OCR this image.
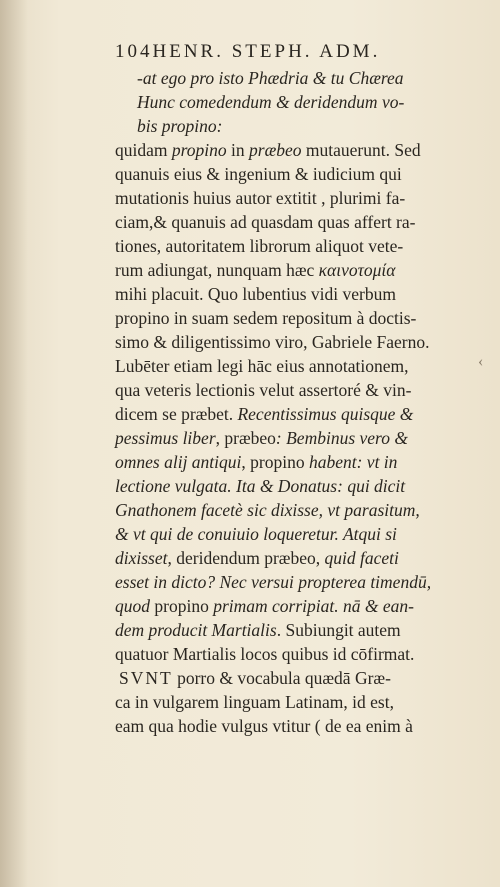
104HENR. STEPH. ADM.
-at ego pro isto Phædria & tu Chærea
Hunc comedendum & deridendum vo-
bis propino:
quidam propino in præbeo mutauerunt. Sed
quanuis eius & ingenium & iudicium qui
mutationis huius autor extitit , plurimi fa-
ciam,& quanuis ad quasdam quas affert ra-
tiones, autoritatem librorum aliquot vete-
rum adiungat, nunquam hæc καινοτομία
mihi placuit. Quo lubentius vidi verbum
propino in suam sedem repositum à doctis-
simo & diligentissimo viro, Gabriele Faerno.
Lubēter etiam legi hāc eius annotationem,
qua veteris lectionis velut assertoré & vin-
dicem se præbet. Recentissimus quisque &
pessimus liber, præbeo: Bembinus vero &
omnes alij antiqui, propino habent: vt in
lectione vulgata. Ita & Donatus: qui dicit
Gnathonem facetè sic dixisse, vt parasitum,
& vt qui de conuiuio loqueretur. Atqui si
dixisset, deridendum præbeo, quid faceti
esset in dicto? Nec versui propterea timendū,
quod propino primam corripiat. nā & ean-
dem producit Martialis. Subiungit autem
quatuor Martialis locos quibus id cōfirmat.
SVNT porro & vocabula quædā Græ-
ca in vulgarem linguam Latinam, id est,
eam qua hodie vulgus vtitur ( de ea enim à
‹
